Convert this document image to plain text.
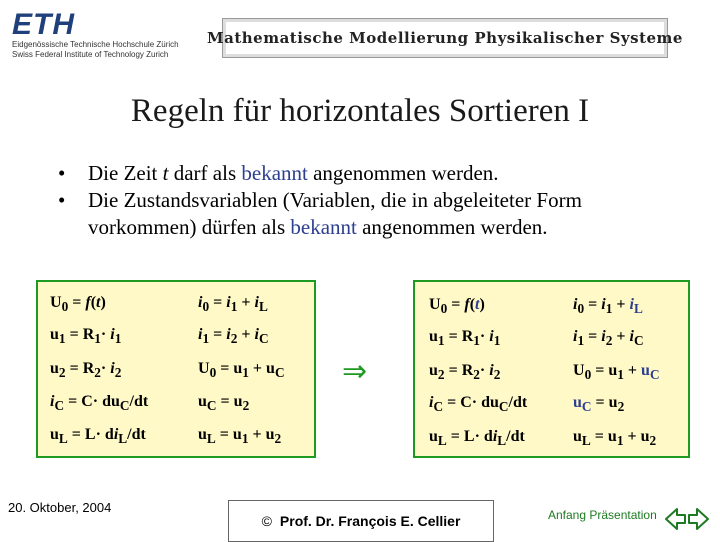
ETH
Eidgenössische Technische Hochschule Zürich
Swiss Federal Institute of Technology Zurich
Mathematische Modellierung Physikalischer Systeme
Regeln für horizontales Sortieren I
•	Die Zeit t darf als bekannt angenommen werden.
•	Die Zustandsvariablen (Variablen, die in abgeleiteter Form vorkommen) dürfen als bekannt angenommen werden.
$U_0 = f(t)$	$i_0 = i_1 + i_L$
$u_1 = R_1\cdot i_1$	$i_1 = i_2 + i_C$
$u_2 = R_2\cdot i_2$	$U_0 = u_1 + u_C$
$i_C = C\cdot du_C/dt$	$u_C = u_2$
$u_L = L\cdot di_L/dt$	$u_L = u_1 + u_2$
⇒
$U_0 = f(t)$	$i_0 = i_1 + i_L$
$u_1 = R_1\cdot i_1$	$i_1 = i_2 + i_C$
$u_2 = R_2\cdot i_2$	$U_0 = u_1 + u_C$
$i_C = C\cdot du_C/dt$	$u_C = u_2$
$u_L = L\cdot di_L/dt$	$u_L = u_1 + u_2$
20. Oktober, 2004
© Prof. Dr. François E. Cellier	Anfang Präsentation
